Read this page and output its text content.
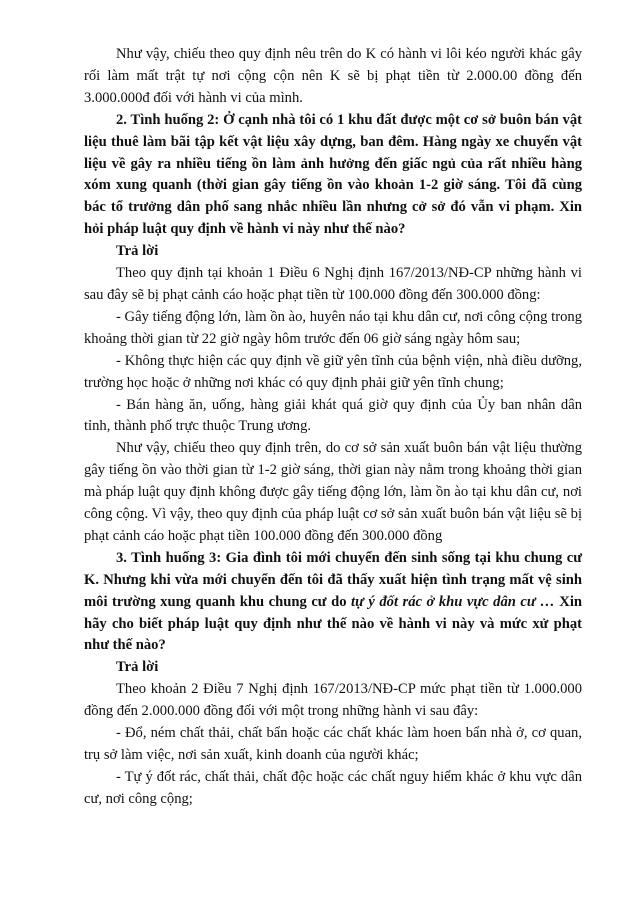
Như vậy, chiếu theo quy định nêu trên do K có hành vi lôi kéo người khác gây rối làm mất trật tự nơi cộng cộn nên K sẽ bị phạt tiền từ 2.000.00 đồng đến 3.000.000đ đối với hành vi của mình.

2. Tình huống 2: Ở cạnh nhà tôi có 1 khu đất được một cơ sở buôn bán vật liệu thuê làm bãi tập kết vật liệu xây dựng, ban đêm. Hàng ngày xe chuyển vật liệu về gây ra nhiều tiếng ồn làm ảnh hưởng đến giấc ngủ của rất nhiều hàng xóm xung quanh (thời gian gây tiếng ồn vào khoản 1-2 giờ sáng. Tôi đã cùng bác tổ trưởng dân phố sang nhắc nhiều lần nhưng cở sở đó vẫn vi phạm. Xin hỏi pháp luật quy định về hành vi này như thế nào?

Trả lời

Theo quy định tại khoản 1 Điều 6 Nghị định 167/2013/NĐ-CP những hành vi sau đây sẽ bị phạt cảnh cáo hoặc phạt tiền từ 100.000 đồng đến 300.000 đồng:

- Gây tiếng động lớn, làm ồn ào, huyên náo tại khu dân cư, nơi công cộng trong khoảng thời gian từ 22 giờ ngày hôm trước đến 06 giờ sáng ngày hôm sau;

- Không thực hiện các quy định về giữ yên tĩnh của bệnh viện, nhà điều dưỡng, trường học hoặc ở những nơi khác có quy định phải giữ yên tĩnh chung;

- Bán hàng ăn, uống, hàng giải khát quá giờ quy định của Ủy ban nhân dân tỉnh, thành phố trực thuộc Trung ương.

Như vậy, chiếu theo quy định trên, do cơ sở sản xuất buôn bán vật liệu thường gây tiếng ồn vào thời gian từ 1-2 giờ sáng, thời gian này nằm trong khoảng thời gian mà pháp luật quy định không được gây tiếng động lớn, làm ồn ào tại khu dân cư, nơi công cộng. Vì vậy, theo quy định của pháp luật cơ sở sản xuất buôn bán vật liệu sẽ bị phạt cảnh cáo hoặc phạt tiền 100.000 đồng đến 300.000 đồng

3. Tình huống 3: Gia đình tôi mới chuyển đến sinh sống tại khu chung cư K. Nhưng khi vừa mới chuyển đến tôi đã thấy xuất hiện tình trạng mất vệ sinh môi trường xung quanh khu chung cư do tự ý đốt rác ở khu vực dân cư … Xin hãy cho biết pháp luật quy định như thế nào về hành vi này và mức xử phạt như thế nào?

Trả lời

Theo khoản 2 Điều 7 Nghị định 167/2013/NĐ-CP mức phạt tiền từ 1.000.000 đồng đến 2.000.000 đồng đối với một trong những hành vi sau đây:

- Đổ, ném chất thải, chất bẩn hoặc các chất khác làm hoen bẩn nhà ở, cơ quan, trụ sở làm việc, nơi sản xuất, kinh doanh của người khác;

- Tự ý đốt rác, chất thải, chất độc hoặc các chất nguy hiểm khác ở khu vực dân cư, nơi công cộng;
